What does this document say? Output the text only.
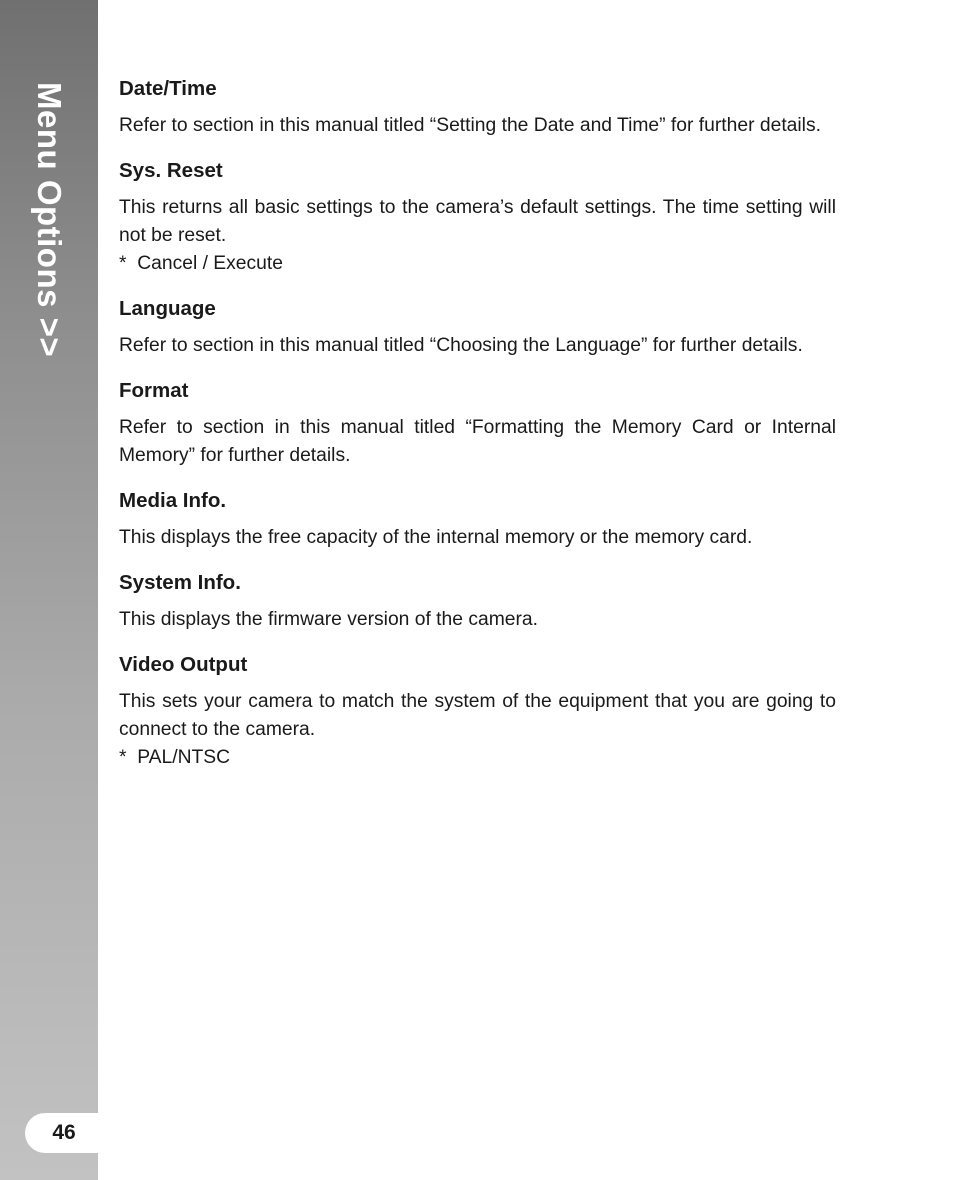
Menu Options >>
46
Date/Time

Refer to section in this manual titled “Setting the Date and Time” for further details.

Sys. Reset

This returns all basic settings to the camera’s default settings. The time setting will not be reset.

*  Cancel / Execute
Language

Refer to section in this manual titled “Choosing the Language” for further details.

Format

Refer to section in this manual titled “Formatting the Memory Card or Internal Memory” for further details.

Media Info.

This displays the free capacity of the internal memory or the memory card.

System Info.

This displays the firmware version of the camera.

Video Output

This sets your camera to match the system of the equipment that you are going to connect to the camera.

*  PAL/NTSC
